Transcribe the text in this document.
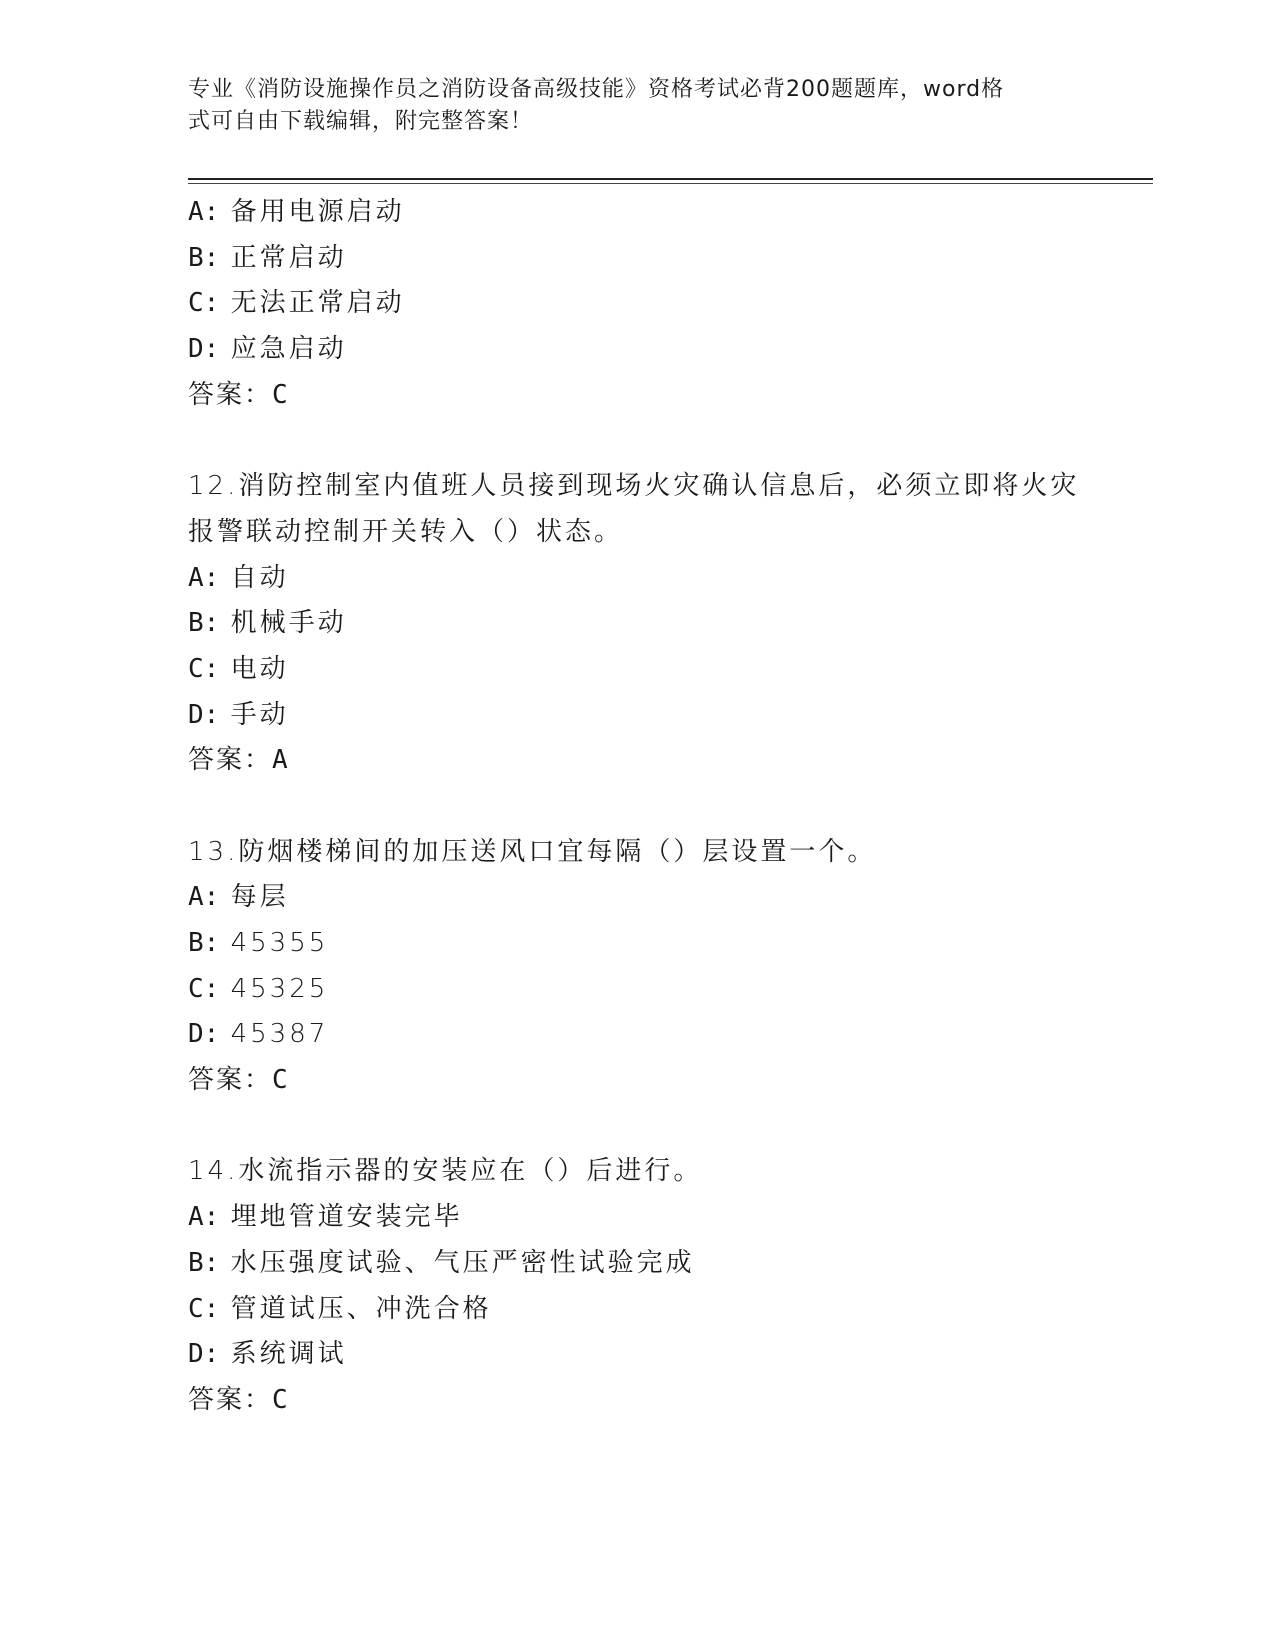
专业《消防设施操作员之消防设备高级技能》资格考试必背200题题库，word格
式可自由下载编辑，附完整答案！
A: 备用电源启动
B: 正常启动
C: 无法正常启动
D: 应急启动
答案：C
12.消防控制室内值班人员接到现场火灾确认信息后，必须立即将火灾
报警联动控制开关转入（）状态。
A: 自动
B: 机械手动
C: 电动
D: 手动
答案：A
13.防烟楼梯间的加压送风口宜每隔（）层设置一个。
A: 每层
B: 45355
C: 45325
D: 45387
答案：C
14.水流指示器的安装应在（）后进行。
A: 埋地管道安装完毕
B: 水压强度试验、气压严密性试验完成
C: 管道试压、冲洗合格
D: 系统调试
答案：C
